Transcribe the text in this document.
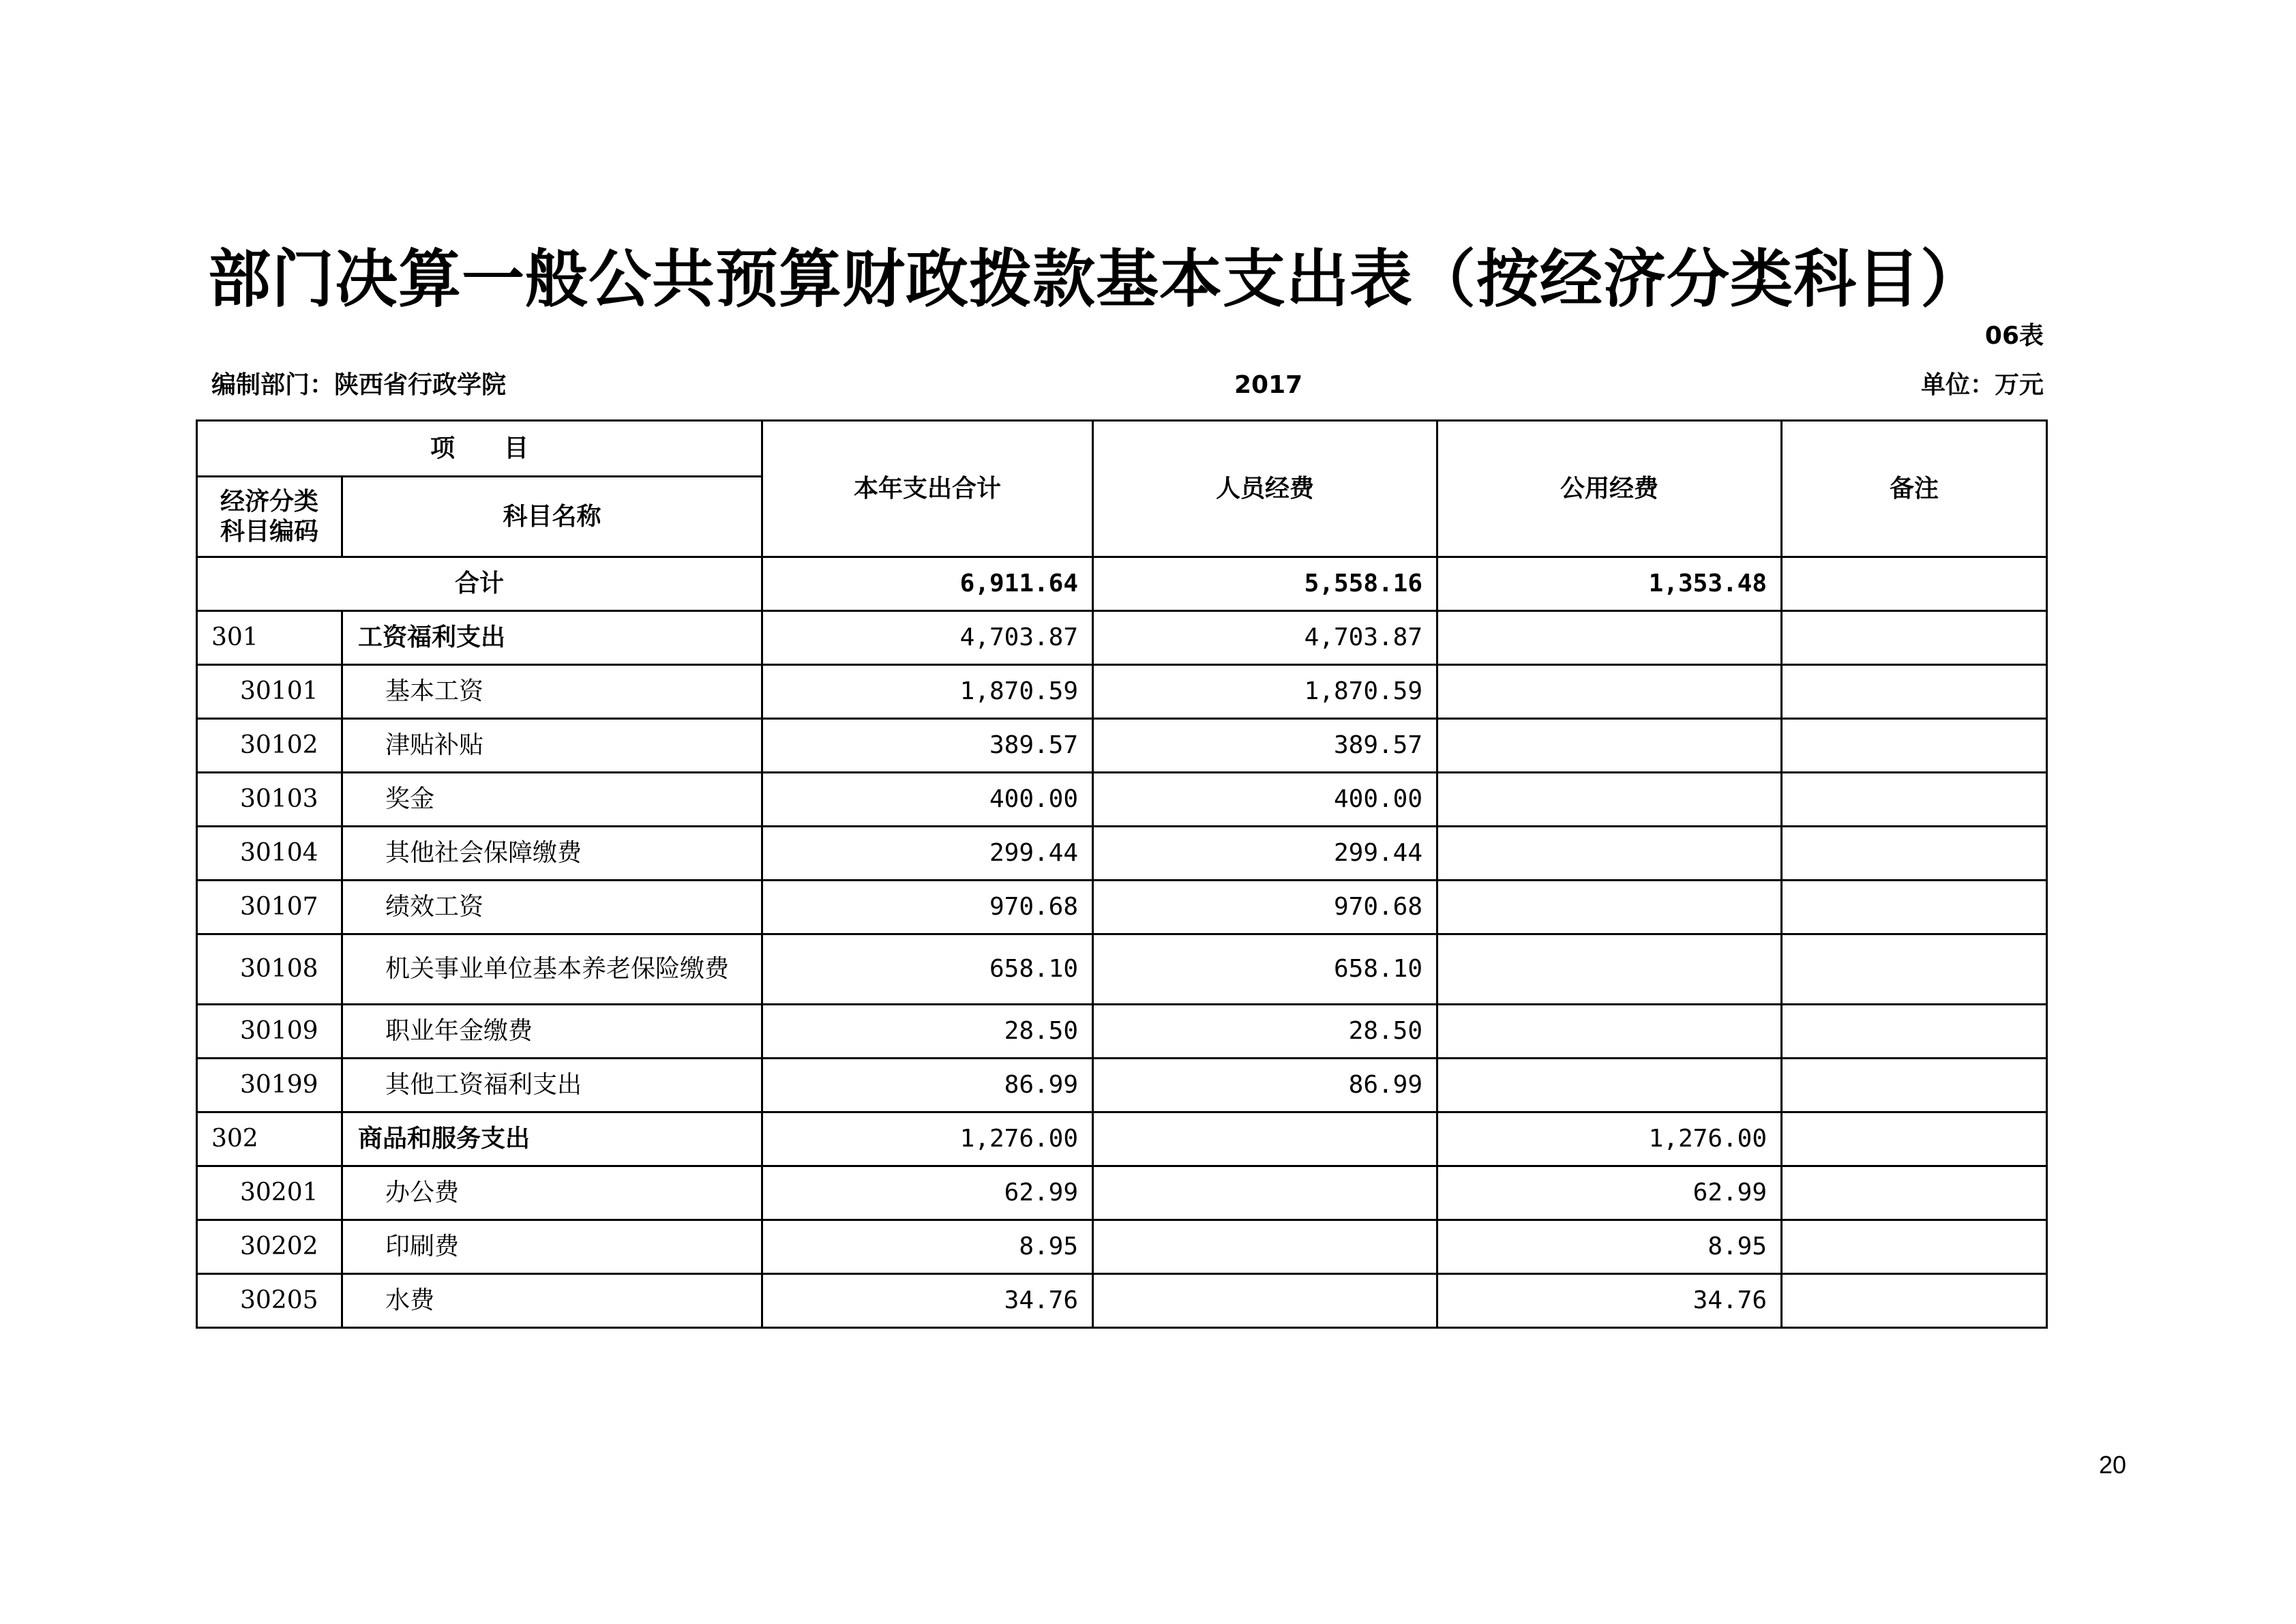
部门决算一般公共预算财政拨款基本支出表（按经济分类科目）
06表
编制部门：陕西省行政学院	2017	单位：万元
项　　目		本年支出合计	人员经费	公用经费	备注

经济分类
科目编码	科目名称				
合计		6,911.64	5,558.16	1,353.48	
301	工资福利支出	4,703.87	4,703.87		
30101	基本工资	1,870.59	1,870.59		
30102	津贴补贴	389.57	389.57		
30103	奖金	400.00	400.00		
30104	其他社会保障缴费	299.44	299.44		
30107	绩效工资	970.68	970.68		
30108	机关事业单位基本养老保险缴费	658.10	658.10		
30109	职业年金缴费	28.50	28.50		
30199	其他工资福利支出	86.99	86.99		
302	商品和服务支出	1,276.00		1,276.00	
30201	办公费	62.99		62.99	
30202	印刷费	8.95		8.95	
30205	水费	34.76		34.76	
20
